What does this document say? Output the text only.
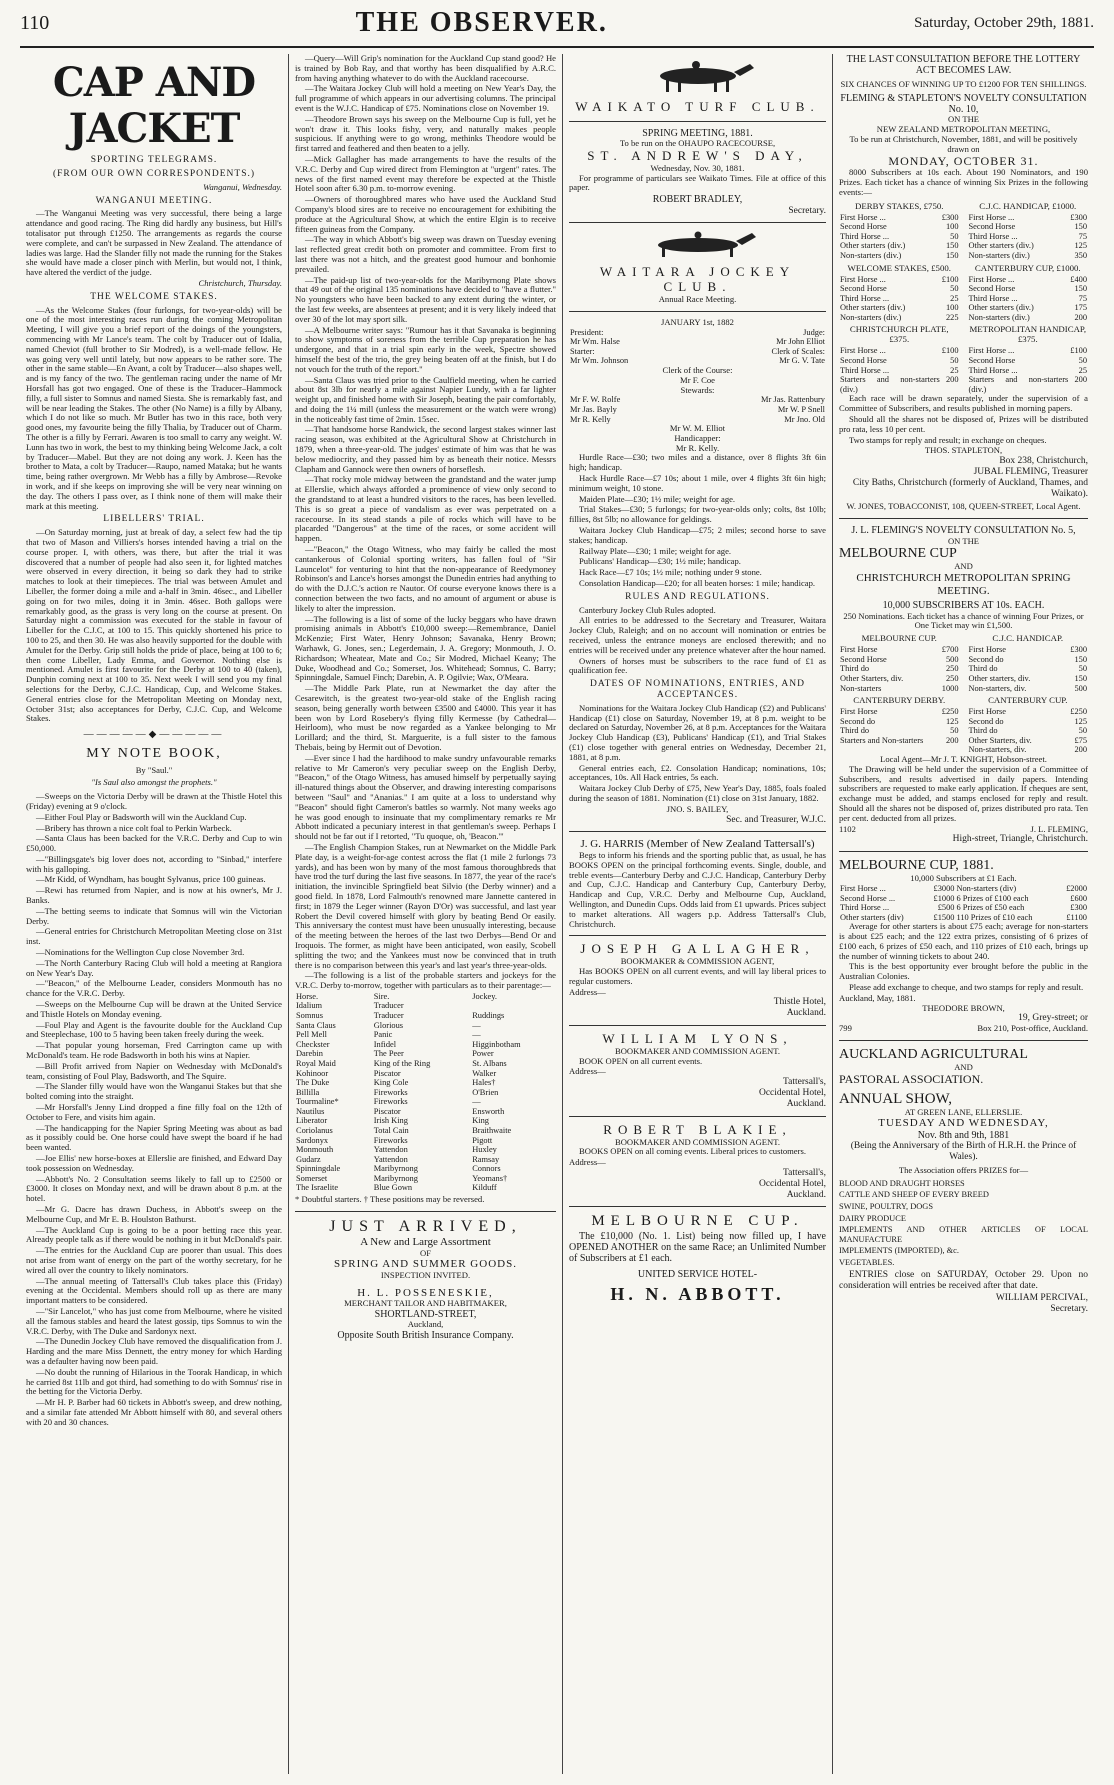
110	THE OBSERVER.	Saturday, October 29th, 1881.
CAP AND JACKET
SPORTING TELEGRAMS.
(FROM OUR OWN CORRESPONDENTS.)
Wanganui, Wednesday.
WANGANUI MEETING.

—The Wanganui Meeting was very successful, there being a large attendance and good racing. The Ring did hardly any business, but Hill's totalisator put through £1250. The arrangements as regards the course were complete, and can't be surpassed in New Zealand. The attendance of ladies was large. Had the Slander filly not made the running for the Stakes she would have made a closer pinch with Merlin, but would not, I think, have altered the verdict of the judge.

Christchurch, Thursday.
THE WELCOME STAKES.

—As the Welcome Stakes (four furlongs, for two-year-olds) will be one of the most interesting races run during the coming Metropolitan Meeting, I will give you a brief report of the doings of the youngsters, commencing with Mr Lance's team. The colt by Traducer out of Idalia, named Cheviot (full brother to Sir Modred), is a well-made fellow. He was going very well until lately, but now appears to be rather sore. The other in the same stable—En Avant, a colt by Traducer—also shapes well, and is my fancy of the two. The gentleman racing under the name of Mr Horsfall has got two engaged. One of these is the Traducer–Hammock filly, a full sister to Somnus and named Siesta. She is remarkably fast, and will be near leading the Stakes. The other (No Name) is a filly by Albany, which I do not like so much. Mr Butler has two in this race, both very good ones, my favourite being the filly Thalia, by Traducer out of Charm. The other is a filly by Ferrari. Awaren is too small to carry any weight. W. Lunn has two in work, the best to my thinking being Welcome Jack, a colt by Traducer—Mabel. But they are not doing any work. J. Keen has the brother to Mata, a colt by Traducer—Raupo, named Mataka; but he wants time, being rather overgrown. Mr Webb has a filly by Ambrose—Revoke in work, and if she keeps on improving she will be very near winning on the day. The others I pass over, as I think none of them will make their mark at this meeting.

LIBELLERS' TRIAL.

—On Saturday morning, just at break of day, a select few had the tip that two of Mason and Villiers's horses intended having a trial on the course proper. I, with others, was there, but after the trial it was discovered that a number of people had also seen it, for lighted matches were observed in every direction, it being so dark they had to strike matches to look at their timepieces. The trial was between Amulet and Libeller, the former doing a mile and a-half in 3min. 46sec., and Libeller going on for two miles, doing it in 3min. 46sec. Both gallops were remarkably good, as the grass is very long on the course at present. On Saturday night a commission was executed for the stable in favour of Libeller for the C.J.C, at 100 to 15. This quickly shortened his price to 100 to 25, and then 30. He was also heavily supported for the double with Amulet for the Derby. Grip still holds the pride of place, being at 100 to 6; then come Libeller, Lady Emma, and Governor. Nothing else is mentioned. Amulet is first favourite for the Derby at 100 to 40 (taken), Dunphin coming next at 100 to 35. Next week I will send you my final selections for the Derby, C.J.C. Handicap, Cup, and Welcome Stakes. General entries close for the Metropolitan Meeting on Monday next, October 31st; also acceptances for Derby, C.J.C. Cup, and Welcome Stakes.

—————◆—————
MY NOTE BOOK,
By "Saul."
"Is Saul also amongst the prophets."

—Sweeps on the Victoria Derby will be drawn at the Thistle Hotel this (Friday) evening at 9 o'clock.

—Either Foul Play or Badsworth will win the Auckland Cup.

—Bribery has thrown a nice colt foal to Perkin Warbeck.

—Santa Claus has been backed for the V.R.C. Derby and Cup to win £50,000.

—"Billingsgate's big lover does not, according to "Sinbad," interfere with his galloping.

—Mr Kidd, of Wyndham, has bought Sylvanus, price 100 guineas.

—Rewi has returned from Napier, and is now at his owner's, Mr J. Banks.

—The betting seems to indicate that Somnus will win the Victorian Derby.

—General entries for Christchurch Metropolitan Meeting close on 31st inst.

—Nominations for the Wellington Cup close November 3rd.

—The North Canterbury Racing Club will hold a meeting at Rangiora on New Year's Day.

—"Beacon," of the Melbourne Leader, considers Monmouth has no chance for the V.R.C. Derby.

—Sweeps on the Melbourne Cup will be drawn at the United Service and Thistle Hotels on Monday evening.

—Foul Play and Agent is the favourite double for the Auckland Cup and Steeplechase, 100 to 5 having been taken freely during the week.

—That popular young horseman, Fred Carrington came up with McDonald's team. He rode Badsworth in both his wins at Napier.

—Bill Profit arrived from Napier on Wednesday with McDonald's team, consisting of Foul Play, Badsworth, and The Squire.

—The Slander filly would have won the Wanganui Stakes but that she bolted coming into the straight.

—Mr Horsfall's Jenny Lind dropped a fine filly foal on the 12th of October to Fere, and visits him again.

—The handicapping for the Napier Spring Meeting was about as bad as it possibly could be. One horse could have swept the board if he had been wanted.

—Joe Ellis' new horse-boxes at Ellerslie are finished, and Edward Day took possession on Wednesday.

—Abbott's No. 2 Consultation seems likely to fall up to £2500 or £3000. It closes on Monday next, and will be drawn about 8 p.m. at the hotel.

—Mr G. Dacre has drawn Duchess, in Abbott's sweep on the Melbourne Cup, and Mr E. B. Houlston Bathurst.

—The Auckland Cup is going to be a poor betting race this year. Already people talk as if there would be nothing in it but McDonald's pair.

—The entries for the Auckland Cup are poorer than usual. This does not arise from want of energy on the part of the worthy secretary, for he wired all over the country to likely nominators.

—The annual meeting of Tattersall's Club takes place this (Friday) evening at the Occidental. Members should roll up as there are many important matters to be considered.

—"Sir Lancelot," who has just come from Melbourne, where he visited all the famous stables and heard the latest gossip, tips Somnus to win the V.R.C. Derby, with The Duke and Sardonyx next.

—The Dunedin Jockey Club have removed the disqualification from J. Harding and the mare Miss Dennett, the entry money for which Harding was a defaulter having now been paid.

—No doubt the running of Hilarious in the Toorak Handicap, in which he carried 8st 11lb and got third, had something to do with Somnus' rise in the betting for the Victoria Derby.

—Mr H. P. Barber had 60 tickets in Abbott's sweep, and drew nothing, and a similar fate attended Mr Abbott himself with 80, and several others with 20 and 30 chances.

—Query—Will Grip's nomination for the Auckland Cup stand good? He is trained by Bob Ray, and that worthy has been disqualified by A.R.C. from having anything whatever to do with the Auckland racecourse.

—The Waitara Jockey Club will hold a meeting on New Year's Day, the full programme of which appears in our advertising columns. The principal event is the W.J.C. Handicap of £75. Nominations close on November 19.

—Theodore Brown says his sweep on the Melbourne Cup is full, yet he won't draw it. This looks fishy, very, and naturally makes people suspicious. If anything were to go wrong, methinks Theodore would be first tarred and feathered and then beaten to a jelly.

—Mick Gallagher has made arrangements to have the results of the V.R.C. Derby and Cup wired direct from Flemington at "urgent" rates. The news of the first named event may therefore be expected at the Thistle Hotel soon after 6.30 p.m. to-morrow evening.

—Owners of thoroughbred mares who have used the Auckland Stud Company's blood sires are to receive no encouragement for exhibiting the produce at the Agricultural Show, at which the entire Elgin is to receive fifteen guineas from the Company.

—The way in which Abbott's big sweep was drawn on Tuesday evening last reflected great credit both on promoter and committee. From first to last there was not a hitch, and the greatest good humour and bonhomie prevailed.

—The paid-up list of two-year-olds for the Maribyrnong Plate shows that 49 out of the original 135 nominations have decided to "have a flutter." No youngsters who have been backed to any extent during the winter, or the last few weeks, are absentees at present; and it is very likely indeed that over 30 of the lot may sport silk.

—A Melbourne writer says: "Rumour has it that Savanaka is beginning to show symptoms of soreness from the terrible Cup preparation he has undergone, and that in a trial spin early in the week, Spectre showed himself the best of the trio, the grey being beaten off at the finish, but I do not vouch for the truth of the report."

—Santa Claus was tried prior to the Caulfield meeting, when he carried about 8st 3lb for nearly a mile against Napier Lundy, with a far lighter weight up, and finished home with Sir Joseph, beating the pair comfortably, and doing the 1¼ mill (unless the measurement or the watch were wrong) in the noticeably fast time of 2min. 15sec.

—That handsome horse Randwick, the second largest stakes winner last racing season, was exhibited at the Agricultural Show at Christchurch in 1879, when a three-year-old. The judges' estimate of him was that he was below mediocrity, and they passed him by as beneath their notice. Messrs Clapham and Gannock were then owners of horseflesh.

—That rocky mole midway between the grandstand and the water jump at Ellerslie, which always afforded a prominence of view only second to the grandstand to at least a hundred visitors to the races, has been levelled. This is so great a piece of vandalism as ever was perpetrated on a racecourse. In its stead stands a pile of rocks which will have to be placarded "Dangerous" at the time of the races, or some accident will happen.

—"Beacon," the Otago Witness, who may fairly be called the most cantankerous of Colonial sporting writers, has fallen foul of "Sir Launcelot" for venturing to hint that the non-appearance of Reedymoney Robinson's and Lance's horses amongst the Dunedin entries had anything to do with the D.J.C.'s action re Nautor. Of course everyone knows there is a connection between the two facts, and no amount of argument or abuse is likely to alter the impression.

—The following is a list of some of the lucky beggars who have drawn promising animals in Abbott's £10,000 sweep:—Remembrance, Daniel McKenzie; First Water, Henry Johnson; Savanaka, Henry Brown; Warhawk, G. Jones, sen.; Legerdemain, J. A. Gregory; Monmouth, J. O. Richardson; Wheatear, Mate and Co.; Sir Modred, Michael Keany; The Duke, Woodhead and Co.; Somerset, Jos. Whitehead; Somnus, C. Barry; Spinningdale, Samuel Finch; Darebin, A. P. Ogilvie; Wax, O'Meara.

—The Middle Park Plate, run at Newmarket the day after the Cesarewitch, is the greatest two-year-old stake of the English racing season, being generally worth between £3500 and £4000. This year it has been won by Lord Rosebery's flying filly Kermesse (by Cathedral—Heirloom), who must be now regarded as a Yankee belonging to Mr Lorillard; and the third, St. Marguerite, is a full sister to the famous Thebais, being by Hermit out of Devotion.

—Ever since I had the hardihood to make sundry unfavourable remarks relative to Mr Cameron's very peculiar sweep on the English Derby, "Beacon," of the Otago Witness, has amused himself by perpetually saying ill-natured things about the Observer, and drawing interesting comparisons between "Saul" and "Ananias." I am quite at a loss to understand why "Beacon" should fight Cameron's battles so warmly. Not many weeks ago he was good enough to insinuate that my complimentary remarks re Mr Abbott indicated a pecuniary interest in that gentleman's sweep. Perhaps I should not be far out if I retorted, "Tu quoque, oh, 'Beacon.'"

—The English Champion Stakes, run at Newmarket on the Middle Park Plate day, is a weight-for-age contest across the flat (1 mile 2 furlongs 73 yards), and has been won by many of the most famous thoroughbreds that have trod the turf during the last five seasons. In 1877, the year of the race's initiation, the invincible Springfield beat Silvio (the Derby winner) and a good field. In 1878, Lord Falmouth's renowned mare Jannette cantered in first; in 1879 the Leger winner (Rayon D'Or) was successful, and last year Robert the Devil covered himself with glory by beating Bend Or easily. This anniversary the contest must have been unusually interesting, because of the meeting between the heroes of the last two Derbys—Bend Or and Iroquois. The former, as might have been anticipated, won easily, Scobell splitting the two; and the Yankees must now be convinced that in truth there is no comparison between this year's and last year's three-year-olds.

—The following is a list of the probable starters and jockeys for the V.R.C. Derby to-morrow, together with particulars as to their parentage:—

Horse.	Sire.	Jockey.
Idalium	Traducer	
Somnus	Traducer	Ruddings
Santa Claus	Glorious	—
Pell Mell	Panic	—
Checkster	Infidel	Higginbotham
Darebin	The Peer	Power
Royal Maid	King of the Ring	St. Albans
Kohinoor	Piscator	Walker
The Duke	King Cole	Hales†
Billilla	Fireworks	O'Brien
Tourmaline*	Fireworks	—
Nautilus	Piscator	Ensworth
Liberator	Irish King	King
Coriolanus	Total Cain	Braithwaite
Sardonyx	Fireworks	Pigott
Monmouth	Yattendon	Huxley
Gudarz	Yattendon	Ramsay
Spinningdale	Maribyrnong	Connors
Somerset	Maribyrnong	Yeomans†
The Israelite	Blue Gown	Kilduff
* Doubtful starters. † These positions may be reversed.
JUST ARRIVED,
A New and Large Assortment
OF
SPRING AND SUMMER GOODS.
INSPECTION INVITED.
H. L. POSSENESKIE,
MERCHANT TAILOR AND HABITMAKER,
SHORTLAND-STREET,
Auckland,
Opposite South British Insurance Company.
WAIKATO TURF CLUB.
SPRING MEETING, 1881.
To be run on the OHAUPO RACECOURSE,
ST. ANDREW'S DAY,
Wednesday, Nov. 30, 1881.

For programme of particulars see Waikato Times. File at office of this paper.

ROBERT BRADLEY,
Secretary.
WAITARA JOCKEY CLUB.
Annual Race Meeting.
JANUARY 1st, 1882
President:	Judge:
Mr Wm. Halse	Mr John Elliot
Starter:	Clerk of Scales:
Mr Wm. Johnson	Mr G. V. Tate
Clerk of the Course:
Mr F. Coe
Stewards:
Mr F. W. Rolfe	Mr Jas. Rattenbury
Mr Jas. Bayly	Mr W. P Snell
Mr R. Kelly	Mr Jno. Old
Mr W. M. Elliot
Handicapper:
Mr R. Kelly.

Hurdle Race—£30; two miles and a distance, over 8 flights 3ft 6in high; handicap.

Hack Hurdle Race—£7 10s; about 1 mile, over 4 flights 3ft 6in high; minimum weight, 10 stone.

Maiden Plate—£30; 1½ mile; weight for age.

Trial Stakes—£30; 5 furlongs; for two-year-olds only; colts, 8st 10lb; fillies, 8st 5lb; no allowance for geldings.

Waitara Jockey Club Handicap—£75; 2 miles; second horse to save stakes; handicap.

Railway Plate—£30; 1 mile; weight for age.

Publicans' Handicap—£30; 1½ mile; handicap.

Hack Race—£7 10s; 1½ mile; nothing under 9 stone.

Consolation Handicap—£20; for all beaten horses: 1 mile; handicap.

RULES AND REGULATIONS.

Canterbury Jockey Club Rules adopted.

All entries to be addressed to the Secretary and Treasurer, Waitara Jockey Club, Raleigh; and on no account will nomination or entries be received, unless the entrance moneys are enclosed therewith; and no entries will be received under any pretence whatever after the hour named.

Owners of horses must be subscribers to the race fund of £1 as qualification fee.

DATES OF NOMINATIONS, ENTRIES, AND ACCEPTANCES.

Nominations for the Waitara Jockey Club Handicap (£2) and Publicans' Handicap (£1) close on Saturday, November 19, at 8 p.m. weight to be declared on Saturday, November 26, at 8 p.m. Acceptances for the Waitara Jockey Club Handicap (£3), Publicans' Handicap (£1), and Trial Stakes (£1) close together with general entries on Wednesday, December 21, 1881, at 8 p.m.

General entries each, £2. Consolation Handicap; nominations, 10s; acceptances, 10s. All Hack entries, 5s each.

Waitara Jockey Club Derby of £75, New Year's Day, 1885, foals foaled during the season of 1881. Nomination (£1) close on 31st January, 1882.

JNO. S. BAILEY,
Sec. and Treasurer, W.J.C.
J. G. HARRIS (Member of New Zealand Tattersall's)

Begs to inform his friends and the sporting public that, as usual, he has BOOKS OPEN on the principal forthcoming events. Single, double, and treble events—Canterbury Derby and C.J.C. Handicap, Canterbury Derby and Cup, C.J.C. Handicap and Canterbury Cup, Canterbury Derby, Handicap and Cup, V.R.C. Derby and Melbourne Cup, Auckland, Wellington, and Dunedin Cups. Odds laid from £1 upwards. Prices subject to market alterations. All wagers p.p. Address Tattersall's Club, Christchurch.

JOSEPH GALLAGHER,
BOOKMAKER & COMMISSION AGENT,

Has BOOKS OPEN on all current events, and will lay liberal prices to regular customers.

Address—
Thistle Hotel,
Auckland.
WILLIAM LYONS,
BOOKMAKER AND COMMISSION AGENT.

BOOK OPEN on all current events.

Address—
Tattersall's,
Occidental Hotel,
Auckland.
ROBERT BLAKIE,
BOOKMAKER AND COMMISSION AGENT.

BOOKS OPEN on all coming events. Liberal prices to customers.

Address—
Tattersall's,
Occidental Hotel,
Auckland.
MELBOURNE CUP.

The £10,000 (No. 1. List) being now filled up, I have OPENED ANOTHER on the same Race; an Unlimited Number of Subscribers at £1 each.

UNITED SERVICE HOTEL-
H. N. ABBOTT.
THE LAST CONSULTATION BEFORE THE LOTTERY ACT BECOMES LAW.
SIX CHANCES OF WINNING UP TO £1200 FOR TEN SHILLINGS.
FLEMING & STAPLETON'S NOVELTY CONSULTATION No. 10,
ON THE
NEW ZEALAND METROPOLITAN MEETING,
To be run at Christchurch, November, 1881, and will be positively drawn on
MONDAY, OCTOBER 31.

8000 Subscribers at 10s each. About 190 Nominators, and 190 Prizes. Each ticket has a chance of winning Six Prizes in the following events:—

DERBY STAKES, £750.
First Horse ...	£300
Second Horse	100
Third Horse ...	50
Other starters (div.)	150
Non-starters (div.)	150
C.J.C. HANDICAP, £1000.
First Horse ...	£300
Second Horse	150
Third Horse ...	75
Other starters (div.)	125
Non-starters (div.)	350
WELCOME STAKES, £500.
First Horse ...	£100
Second Horse	50
Third Horse ...	25
Other starters (div.)	100
Non-starters (div.)	225
CANTERBURY CUP, £1000.
First Horse ...	£400
Second Horse	150
Third Horse ...	75
Other starters (div.)	175
Non-starters (div.)	200
CHRISTCHURCH PLATE, £375.
First Horse ...	£100
Second Horse	50
Third Horse ...	25
Starters and non-starters (div.)	200
METROPOLITAN HANDICAP, £375.
First Horse ...	£100
Second Horse	50
Third Horse ...	25
Starters and non-starters (div.)	200

Each race will be drawn separately, under the supervision of a Committee of Subscribers, and results published in morning papers.

Should all the shares not be disposed of, Prizes will be distributed pro rata, less 10 per cent.

Two stamps for reply and result; in exchange on cheques.

THOS. STAPLETON,
Box 238, Christchurch,
JUBAL FLEMING, Treasurer
City Baths, Christchurch (formerly of Auckland, Thames, and Waikato).
W. JONES, TOBACCONIST, 108, QUEEN-STREET, Local Agent.
J. L. FLEMING'S NOVELTY CONSULTATION No. 5,
ON THE
MELBOURNE CUP
AND
CHRISTCHURCH METROPOLITAN SPRING MEETING.
10,000 SUBSCRIBERS AT 10s. EACH.
250 Nominations. Each ticket has a chance of winning Four Prizes, or One Ticket may win £1,500.
MELBOURNE CUP.
First Horse	£700
Second Horse	500
Third do	250
Other Starters, div.	250
Non-starters	1000
C.J.C. HANDICAP.
First Horse	£300
Second do	150
Third do	50
Other starters, div.	150
Non-starters, div.	500
CANTERBURY DERBY.
First Horse	£250
Second do	125
Third do	50
Starters and Non-starters	200
CANTERBURY CUP.
First Horse	£250
Second do	125
Third do	50
Other Starters, div.	£75
Non-starters, div.	200
Local Agent—Mr J. T. KNIGHT, Hobson-street.

The Drawing will be held under the supervision of a Committee of Subscribers, and results advertised in daily papers. Intending subscribers are requested to make early application. If cheques are sent, exchange must be added, and stamps enclosed for reply and result. Should all the shares not be disposed of, prizes distributed pro rata. Ten per cent. deducted from all prizes.

1102	J. L. FLEMING,
High-street, Triangle, Christchurch.
MELBOURNE CUP, 1881.
10,000 Subscribers at £1 Each.
First Horse ...	£3000	Non-starters (div)	£2000
Second Horse ...	£1000	6 Prizes of £100 each	£600
Third Horse ...	£500	6 Prizes of £50 each	£300
Other starters (div)	£1500	110 Prizes of £10 each	£1100

Average for other starters is about £75 each; average for non-starters is about £25 each; and the 122 extra prizes, consisting of 6 prizes of £100 each, 6 prizes of £50 each, and 110 prizes of £10 each, brings up the number of winning tickets to about 240.

This is the best opportunity ever brought before the public in the Australian Colonies.

Please add exchange to cheque, and two stamps for reply and result.

Auckland, May, 1881.
THEODORE BROWN,
19, Grey-street; or
799	Box 210, Post-office, Auckland.
AUCKLAND AGRICULTURAL
AND
PASTORAL ASSOCIATION.
ANNUAL SHOW,
AT GREEN LANE, ELLERSLIE.
TUESDAY AND WEDNESDAY,
Nov. 8th and 9th, 1881
(Being the Anniversary of the Birth of H.R.H. the Prince of Wales).
The Association offers PRIZES for—
BLOOD AND DRAUGHT HORSES
CATTLE AND SHEEP OF EVERY BREED
SWINE, POULTRY, DOGS
DAIRY PRODUCE
IMPLEMENTS AND OTHER ARTICLES OF LOCAL MANUFACTURE
IMPLEMENTS (IMPORTED), &c.
VEGETABLES.

ENTRIES close on SATURDAY, October 29. Upon no consideration will entries be received after that date.

WILLIAM PERCIVAL,
Secretary.
